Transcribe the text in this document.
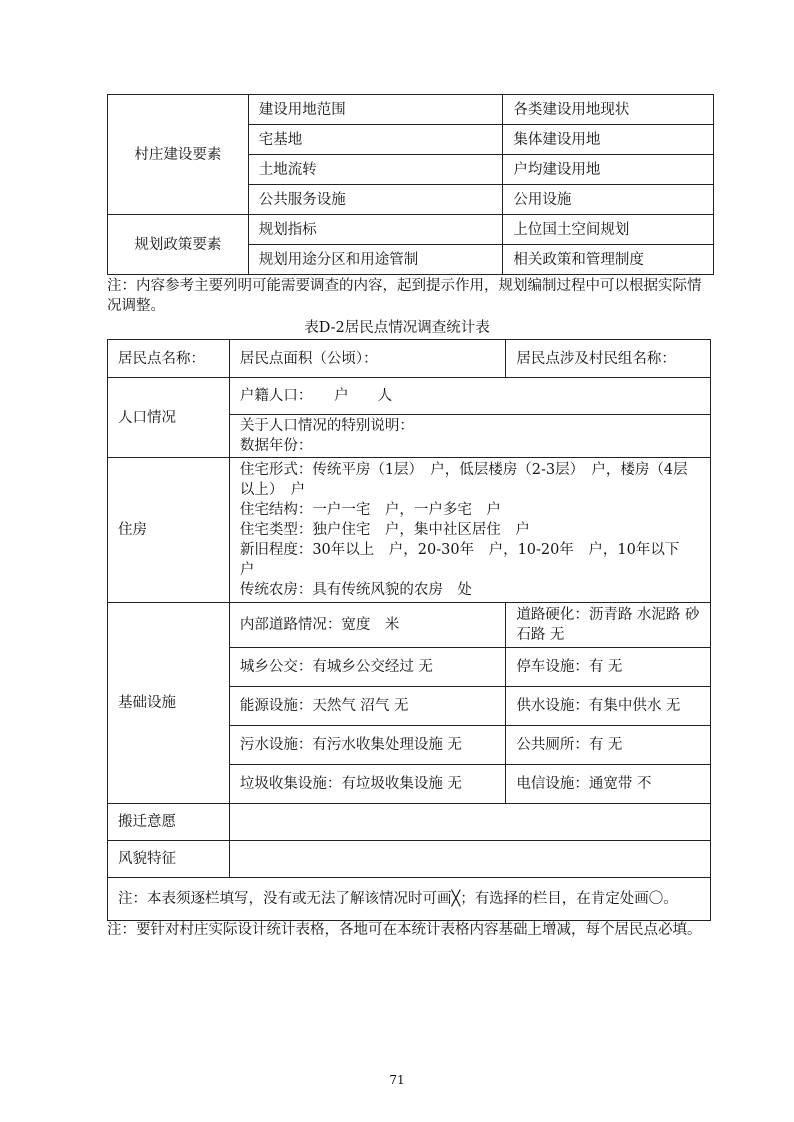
村庄建设要素	建设用地范围	各类建设用地现状
	宅基地	集体建设用地
	土地流转	户均建设用地
	公共服务设施	公用设施
规划政策要素	规划指标	上位国土空间规划
	规划用途分区和用途管制	相关政策和管理制度
注：内容参考主要列明可能需要调查的内容，起到提示作用，规划编制过程中可以根据实际情况调整。
表D-2居民点情况调查统计表
居民点名称：	居民点面积（公顷）：	居民点涉及村民组名称：
人口情况	户籍人口：　　户　　人	

	关于人口情况的特别说明：
数据年份：	

住房	住宅形式：传统平房（1层）　户，低层楼房（2-3层）　户，楼房（4层以上）　户
住宅结构：一户一宅　户，一户多宅　户
住宅类型：独户住宅　户，集中社区居住　户
新旧程度：30年以上　户，20-30年　户，10-20年　户，10年以下　户
传统农房：具有传统风貌的农房　处	

基础设施	内部道路情况：宽度　米	道路硬化：沥青路 水泥路 砂石路 无
	城乡公交：有城乡公交经过 无	停车设施：有 无
	能源设施：天然气 沼气 无	供水设施：有集中供水 无
	污水设施：有污水收集处理设施 无	公共厕所：有 无
	垃圾收集设施：有垃圾收集设施 无	电信设施：通宽带 不
搬迁意愿		
风貌特征		
注：本表须逐栏填写，没有或无法了解该情况时可画╳；有选择的栏目，在肯定处画〇。		
注：要针对村庄实际设计统计表格，各地可在本统计表格内容基础上增减，每个居民点必填。
71
